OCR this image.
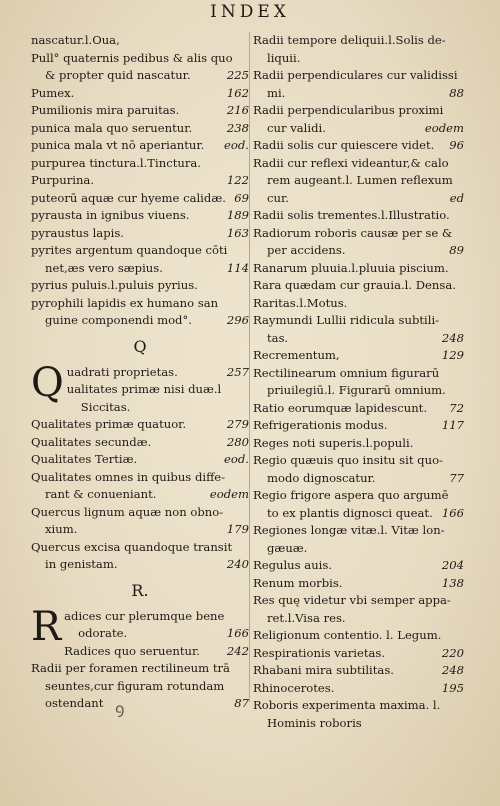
INDEX
nascatur.l.Oua,
Pull° quaternis pedibus & alis quo
& propter quid nascatur.	225
Pumex.	162
Pumilionis mira paruitas.	216
punica mala quo seruentur.	238
punica mala vt nō aperiantur.	eod.
purpurea tinctura.l.Tinctura.
Purpurina.	122
puteorū aquæ cur hyeme calidæ. 69
pyrausta in ignibus viuens.	189
pyraustus lapis.	163
pyrites argentum quandoque cōti
net,æs vero sæpius.	114
pyrius puluis.l.puluis pyrius.
pyrophili lapidis ex humano san
guine componendi mod°.	296
Q
Q uadrati proprietas.	257
ualitates primæ nisi duæ.l
Siccitas.
Qualitates primæ quatuor.	279
Qualitates secundæ.	280
Qualitates Tertiæ.	eod.
Qualitates omnes in quibus diffe-
rant & conueniant.	eodem
Quercus lignum aquæ non obno-
xium.	179
Quercus excisa quandoque transit
in genistam.	240
R.
R adices cur plerumque bene
odorate.	166
Radices quo seruentur.	242
Radii per foramen rectilineum trā
seuntes,cur figuram rotundam
ostendant	87
Radii tempore deliquii.l.Solis de-
liquii.
Radii perpendiculares cur validissi
mi.	88
Radii perpendicularibus proximi
cur validi.	eodem
Radii solis cur quiescere videt.	96
Radii cur reflexi videantur,& calo
rem augeant.l. Lumen reflexum
cur.	ed
Radii solis trementes.l.Illustratio.
Radiorum roboris causæ per se &
per accidens.	89
Ranarum pluuia.l.pluuia piscium.
Rara quædam cur grauia.l. Densa.
Raritas.l.Motus.
Raymundi Lullii ridicula subtili-
tas.	248
Recrementum,	129
Rectilinearum omnium figurarū
priuilegiū.l. Figurarū omnium.
Ratio eorumquæ lapidescunt.	72
Refrigerationis modus.	117
Reges noti superis.l.populi.
Regio quæuis quo insitu sit quo-
modo dignoscatur.	77
Regio frigore aspera quo argumē
to ex plantis dignosci queat. 166
Regiones longæ vitæ.l. Vitæ lon-
gæuæ.
Regulus auis.	204
Renum morbis.	138
Res quę videtur vbi semper appa-
ret.l.Visa res.
Religionum contentio. l. Legum.
Respirationis varietas.	220
Rhabani mira subtilitas.	248
Rhinocerotes.	195
Roboris experimenta maxima. l.
Hominis roboris
Ꝯ
